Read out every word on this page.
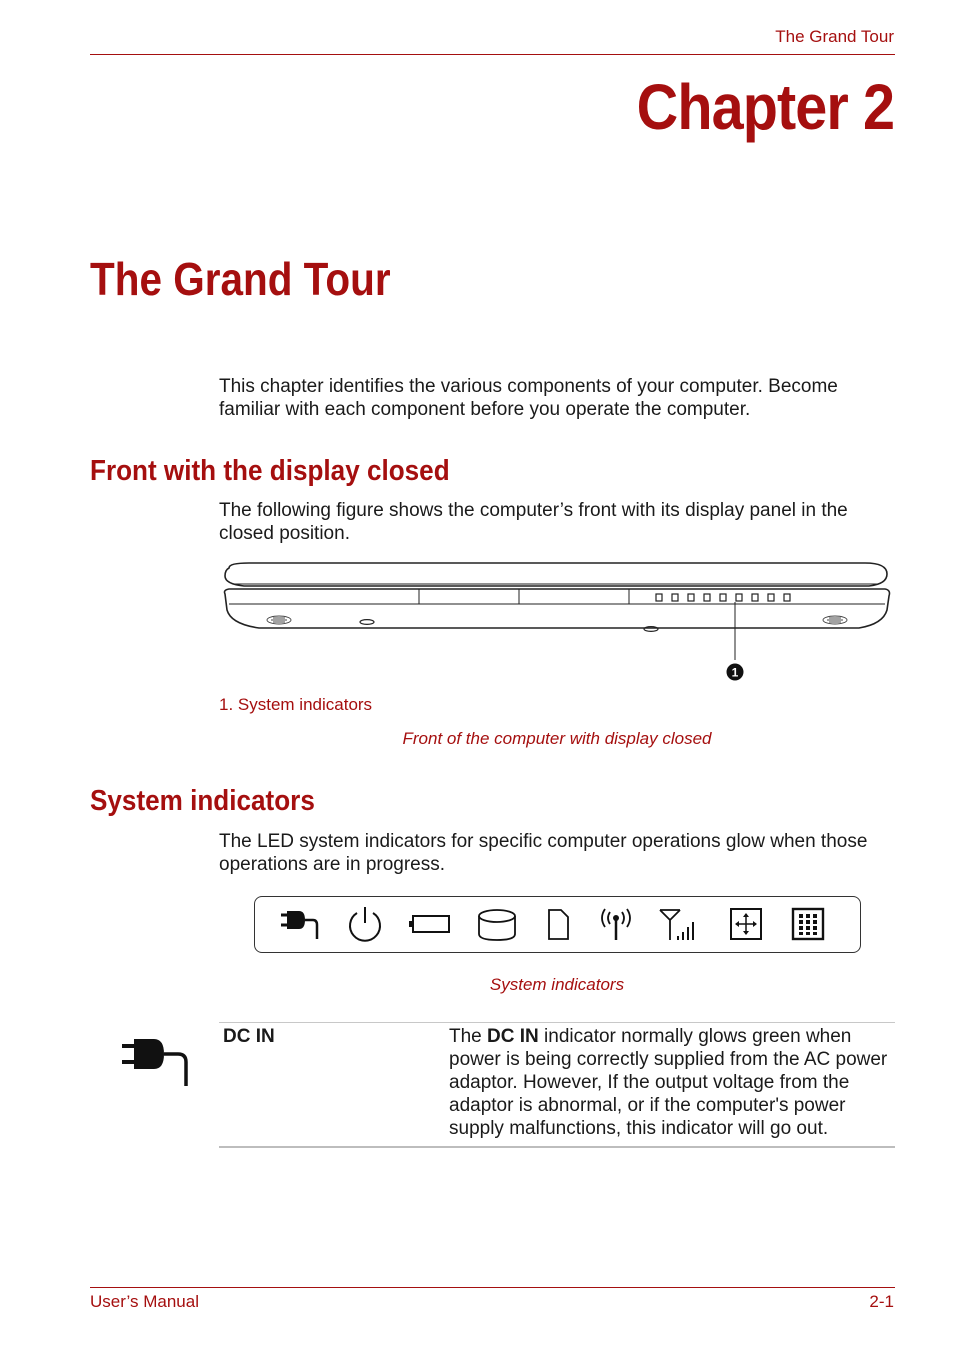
The Grand Tour
Chapter 2
The Grand Tour
This chapter identifies the various components of your computer. Become familiar with each component before you operate the computer.
Front with the display closed
The following figure shows the computer’s front with its display panel in the closed position.
1
1. System indicators
Front of the computer with display closed
System indicators
The LED system indicators for specific computer operations glow when those operations are in progress.
System indicators
DC IN	The DC IN indicator normally glows green when power is being correctly supplied from the AC power adaptor. However, If the output voltage from the adaptor is abnormal, or if the computer's power supply malfunctions, this indicator will go out.
User’s Manual	2-1
